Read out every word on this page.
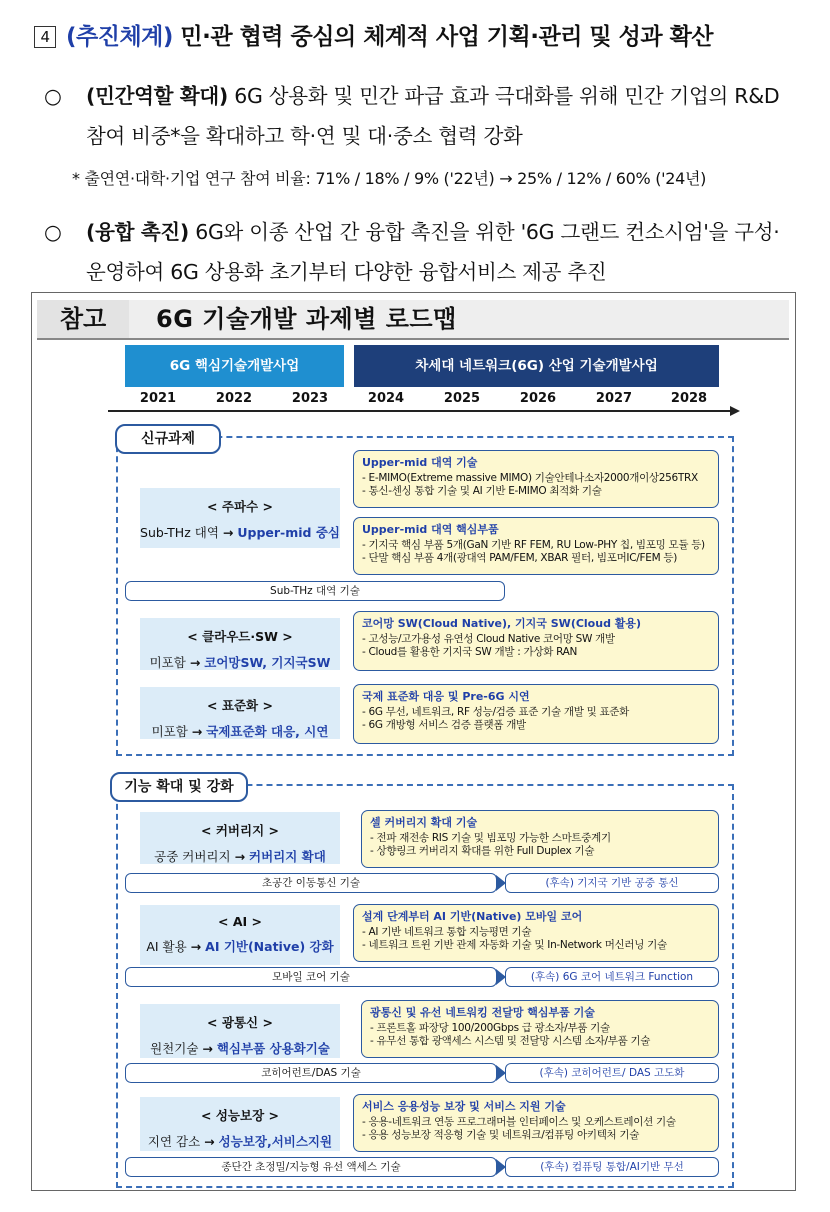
4 (추진체계) 민·관 협력 중심의 체계적 사업 기획·관리 및 성과 확산
○ (민간역할 확대) 6G 상용화 및 민간 파급 효과 극대화를 위해 민간 기업의 R&D 참여 비중*을 확대하고 학·연 및 대·중소 협력 강화
* 출연연·대학·기업 연구 참여 비율: 71% / 18% / 9% ('22년) → 25% / 12% / 60% ('24년)
○ (융합 촉진) 6G와 이종 산업 간 융합 촉진을 위한 '6G 그랜드 컨소시엄'을 구성·운영하여 6G 상용화 초기부터 다양한 융합서비스 제공 추진
참고	6G 기술개발 과제별 로드맵
6G 핵심기술개발사업	차세대 네트워크(6G) 산업 기술개발사업
2021	2022	2023	2024	2025	2026	2027	2028
신규과제
기능 확대 및 강화
< 주파수 >
Sub-THz 대역 → Upper-mid 중심
< 클라우드·SW >
미포함 → 코어망SW, 기지국SW
< 표준화 >
미포함 → 국제표준화 대응, 시연
< 커버리지 >
공중 커버리지 → 커버리지 확대
< AI >
AI 활용 → AI 기반(Native) 강화
< 광통신 >
원천기술 → 핵심부품 상용화기술
< 성능보장 >
지연 감소 → 성능보장,서비스지원
Upper-mid 대역 기술
- E-MIMO(Extreme massive MIMO) 기술안테나소자2000개이상256TRX
- 통신-센싱 통합 기술 및 AI 기반 E-MIMO 최적화 기술
Upper-mid 대역 핵심부품
- 기지국 핵심 부품 5개(GaN 기반 RF FEM, RU Low-PHY 칩, 빔포밍 모듈 등)
- 단말 핵심 부품 4개(광대역 PAM/FEM, XBAR 필터, 빔포머IC/FEM 등)
코어망 SW(Cloud Native), 기지국 SW(Cloud 활용)
- 고성능/고가용성 유연성 Cloud Native 코어망 SW 개발
- Cloud를 활용한 기지국 SW 개발 : 가상화 RAN
국제 표준화 대응 및 Pre-6G 시연
- 6G 무선, 네트워크, RF 성능/검증 표준 기술 개발 및 표준화
- 6G 개방형 서비스 검증 플랫폼 개발
셀 커버리지 확대 기술
- 전파 재전송 RIS 기술 및 빔포밍 가능한 스마트중계기
- 상향링크 커버리지 확대를 위한 Full Duplex 기술
설계 단계부터 AI 기반(Native) 모바일 코어
- AI 기반 네트워크 통합 지능평면 기술
- 네트워크 트윈 기반 관제 자동화 기술 및 In-Network 머신러닝 기술
광통신 및 유선 네트워킹 전달망 핵심부품 기술
- 프론트홀 파장당 100/200Gbps 급 광소자/부품 기술
- 유무선 통합 광액세스 시스템 및 전달망 시스템 소자/부품 기술
서비스 응용성능 보장 및 서비스 지원 기술
- 응용-네트워크 연동 프로그래머블 인터페이스 및 오케스트레이션 기술
- 응용 성능보장 적응형 기술 및 네트워크/컴퓨팅 아키텍처 기술
Sub-THz 대역 기술
초공간 이동통신 기술	(후속) 기지국 기반 공중 통신
모바일 코어 기술	(후속) 6G 코어 네트워크 Function
코히어런트/DAS 기술	(후속) 코히어런트/ DAS 고도화
종단간 초정밀/지능형 유선 액세스 기술	(후속) 컴퓨팅 통합/AI기반 무선
